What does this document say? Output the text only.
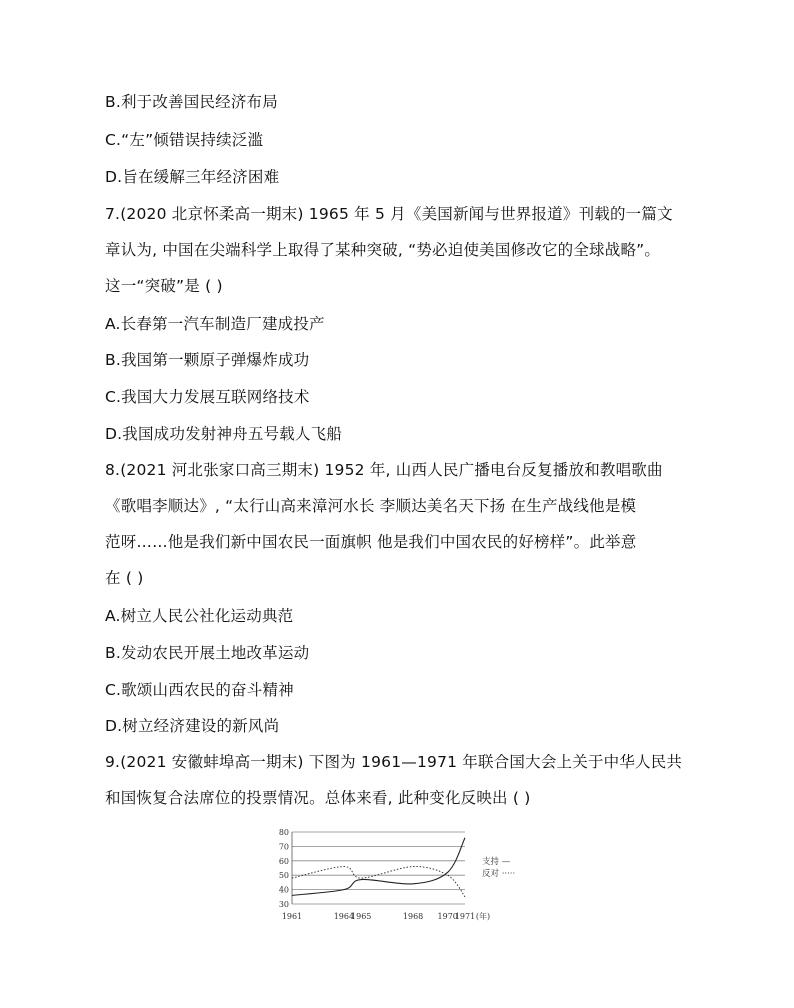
B.利于改善国民经济布局
C.“左”倾错误持续泛滥
D.旨在缓解三年经济困难
7.(2020 北京怀柔高一期末) 1965 年 5 月《美国新闻与世界报道》刊载的一篇文
章认为, 中国在尖端科学上取得了某种突破, “势必迫使美国修改它的全球战略”。
这一“突破”是 ( )
A.长春第一汽车制造厂建成投产
B.我国第一颗原子弹爆炸成功
C.我国大力发展互联网络技术
D.我国成功发射神舟五号载人飞船
8.(2021 河北张家口高三期末) 1952 年, 山西人民广播电台反复播放和教唱歌曲
《歌唱李顺达》, “太行山高来漳河水长 李顺达美名天下扬 在生产战线他是模
范呀……他是我们新中国农民一面旗帜 他是我们中国农民的好榜样”。此举意
在 ( )
A.树立人民公社化运动典范
B.发动农民开展土地改革运动
C.歌颂山西农民的奋斗精神
D.树立经济建设的新风尚
9.(2021 安徽蚌埠高一期末) 下图为 1961—1971 年联合国大会上关于中华人民共
和国恢复合法席位的投票情况。总体来看, 此种变化反映出 ( )
30
40
50
60
70
80
1961	1964
1965	1968 1970
1971 (年)
支持 —
反对 ·····
